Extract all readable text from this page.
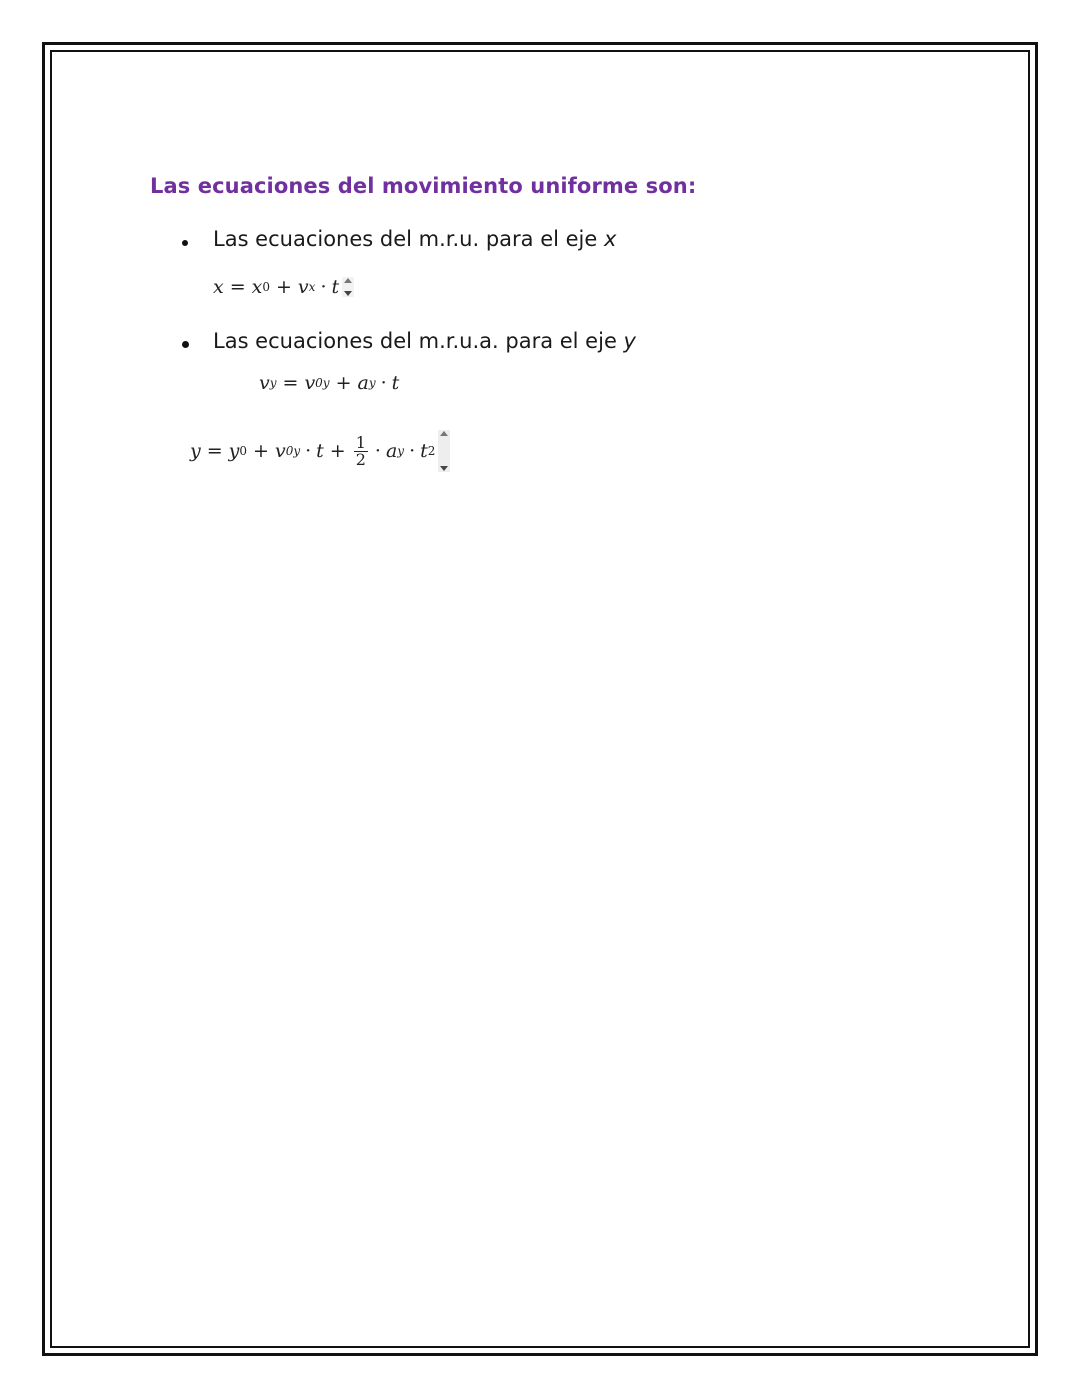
Las ecuaciones del movimiento uniforme son:
Las ecuaciones del m.r.u. para el eje x
x = x 0 + v x · t
Las ecuaciones del m.r.u.a. para el eje y
v y = v 0y + a y · t
y = y 0 + v $0y \cdot t + \frac{1}{2} \cdot a$ y · t 2
